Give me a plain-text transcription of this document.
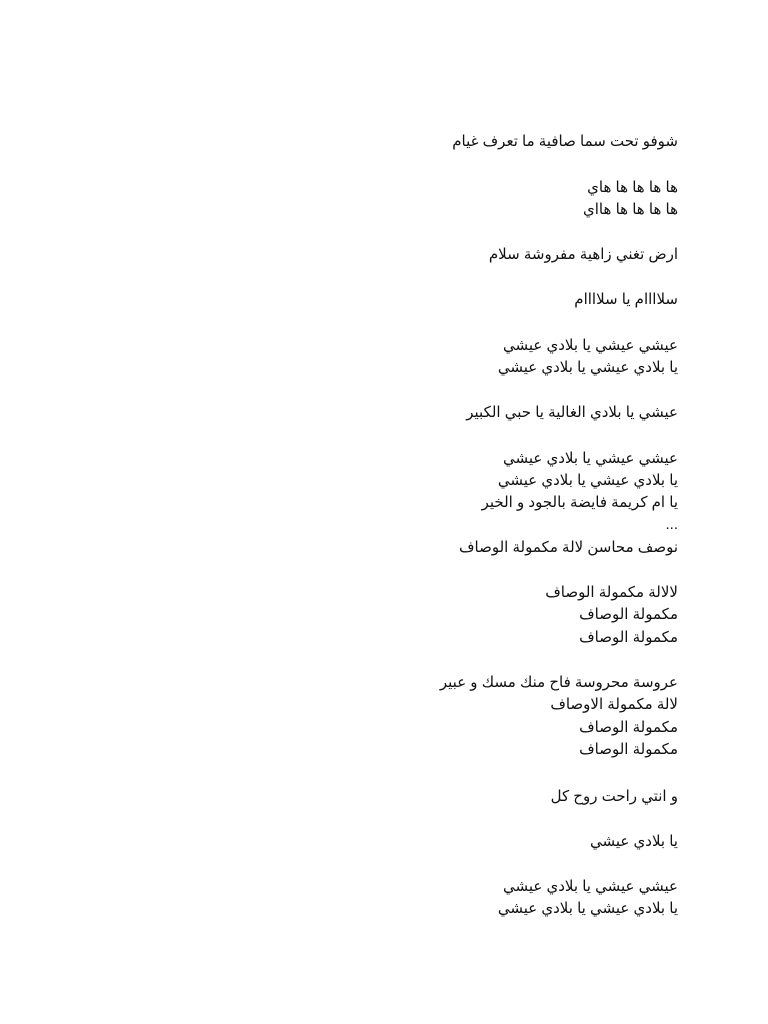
شوفو تحت سما صافية ما تعرف غيام

ها ها ها ها هاي

ها ها ها ها هااي

ارض تغني زاهية مفروشة سلام

سلاااام يا سلاااام

عيشي عيشي يا بلادي عيشي

يا بلادي عيشي يا بلادي عيشي

عيشي يا بلادي الغالية يا حبي الكبير

عيشي عيشي يا بلادي عيشي

يا بلادي عيشي يا بلادي عيشي

يا ام كريمة فايضة بالجود و الخير

...

نوصف محاسن لالة مكمولة الوصاف

لالالة مكمولة الوصاف

مكمولة الوصاف

مكمولة الوصاف

عروسة محروسة فاح منك مسك و عبير

لالة مكمولة الاوصاف

مكمولة الوصاف

مكمولة الوصاف

و انتي راحت روح كل

يا بلادي عيشي

عيشي عيشي يا بلادي عيشي

يا بلادي عيشي يا بلادي عيشي
